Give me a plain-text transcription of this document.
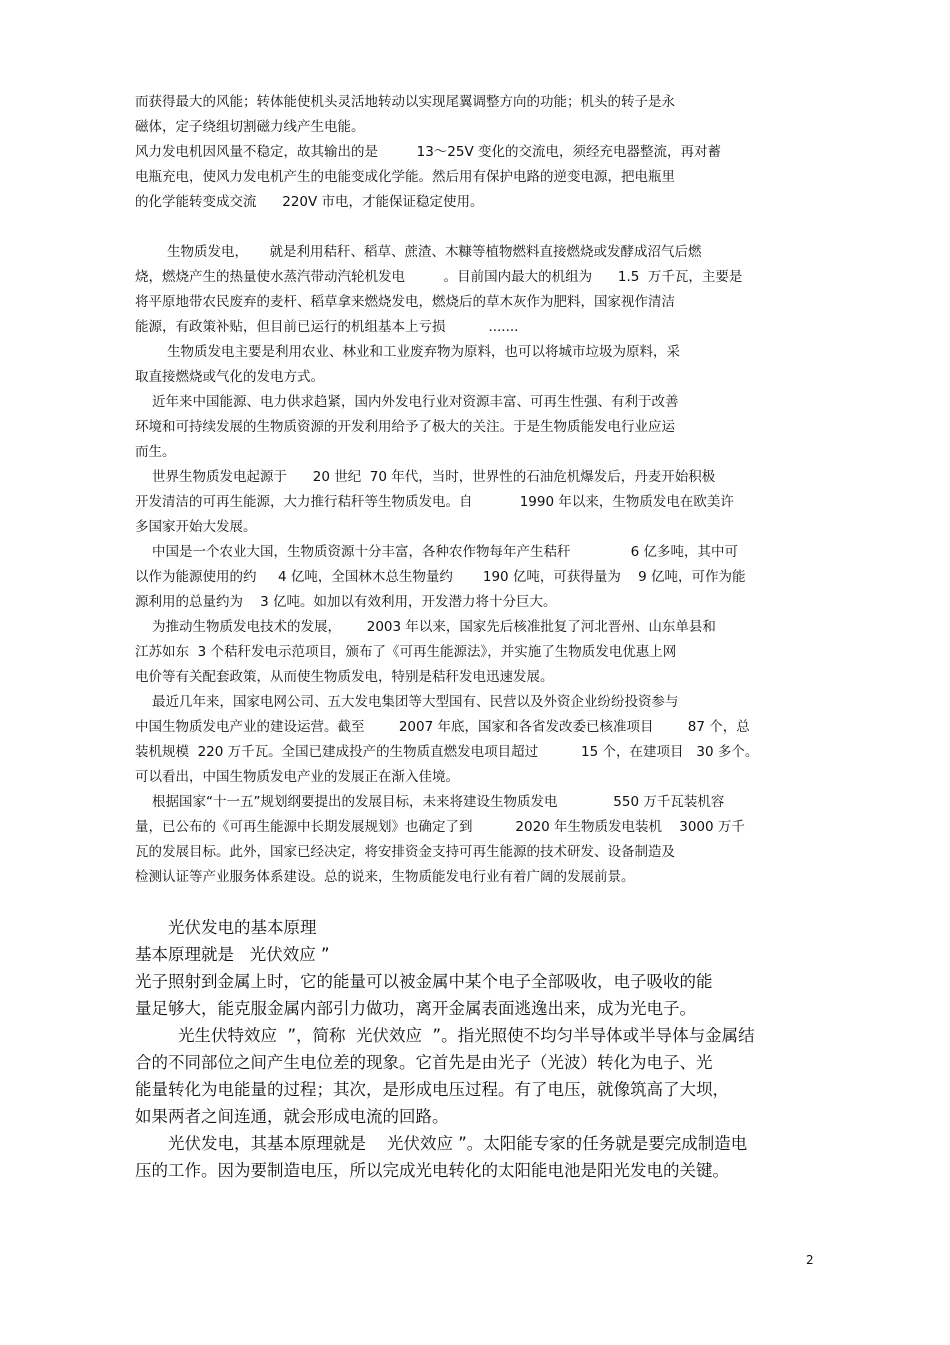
而获得最大的风能；转体能使机头灵活地转动以实现尾翼调整方向的功能；机头的转子是永
磁体，定子绕组切割磁力线产生电能。
风力发电机因风量不稳定，故其输出的是         13～25V 变化的交流电，须经充电器整流，再对蓄
电瓶充电，使风力发电机产生的电能变成化学能。然后用有保护电路的逆变电源，把电瓶里
的化学能转变成交流      220V 市电，才能保证稳定使用。
生物质发电，     就是利用秸秆、稻草、蔗渣、木糠等植物燃料直接燃烧或发酵成沼气后燃
烧，燃烧产生的热量使水蒸汽带动汽轮机发电         。目前国内最大的机组为      1.5  万千瓦，主要是
将平原地带农民废弃的麦杆、稻草拿来燃烧发电，燃烧后的草木灰作为肥料，国家视作清洁
能源，有政策补贴，但目前已运行的机组基本上亏损          .......
生物质发电主要是利用农业、林业和工业废弃物为原料，也可以将城市垃圾为原料，采
取直接燃烧或气化的发电方式。
近年来中国能源、电力供求趋紧，国内外发电行业对资源丰富、可再生性强、有利于改善
环境和可持续发展的生物质资源的开发利用给予了极大的关注。于是生物质能发电行业应运
而生。
世界生物质发电起源于      20 世纪  70 年代，当时，世界性的石油危机爆发后，丹麦开始积极
开发清洁的可再生能源，大力推行秸秆等生物质发电。自           1990 年以来，生物质发电在欧美许
多国家开始大发展。
中国是一个农业大国，生物质资源十分丰富，各种农作物每年产生秸秆              6 亿多吨，其中可
以作为能源使用的约     4 亿吨，全国林木总生物量约       190 亿吨，可获得量为    9 亿吨，可作为能
源利用的总量约为    3 亿吨。如加以有效利用，开发潜力将十分巨大。
为推动生物质发电技术的发展，      2003 年以来，国家先后核准批复了河北晋州、山东单县和
江苏如东  3 个秸秆发电示范项目，颁布了《可再生能源法》，并实施了生物质发电优惠上网
电价等有关配套政策，从而使生物质发电，特别是秸秆发电迅速发展。
最近几年来，国家电网公司、五大发电集团等大型国有、民营以及外资企业纷纷投资参与
中国生物质发电产业的建设运营。截至        2007 年底，国家和各省发改委已核准项目        87 个，总
装机规模  220 万千瓦。全国已建成投产的生物质直燃发电项目超过          15 个，在建项目   30 多个。
可以看出，中国生物质发电产业的发展正在渐入佳境。
根据国家“十一五”规划纲要提出的发展目标，未来将建设生物质发电             550 万千瓦装机容
量，已公布的《可再生能源中长期发展规划》也确定了到          2020 年生物质发电装机    3000 万千
瓦的发展目标。此外，国家已经决定，将安排资金支持可再生能源的技术研发、设备制造及
检测认证等产业服务体系建设。总的说来，生物质能发电行业有着广阔的发展前景。
光伏发电的基本原理
基本原理就是   光伏效应 ”
光子照射到金属上时，它的能量可以被金属中某个电子全部吸收，电子吸收的能
量足够大，能克服金属内部引力做功，离开金属表面逃逸出来，成为光电子。
光生伏特效应  ”，简称  光伏效应  ”。指光照使不均匀半导体或半导体与金属结
合的不同部位之间产生电位差的现象。它首先是由光子（光波）转化为电子、光
能量转化为电能量的过程；其次，是形成电压过程。有了电压，就像筑高了大坝，
如果两者之间连通，就会形成电流的回路。
光伏发电，其基本原理就是    光伏效应 ”。太阳能专家的任务就是要完成制造电
压的工作。因为要制造电压，所以完成光电转化的太阳能电池是阳光发电的关键。
2
